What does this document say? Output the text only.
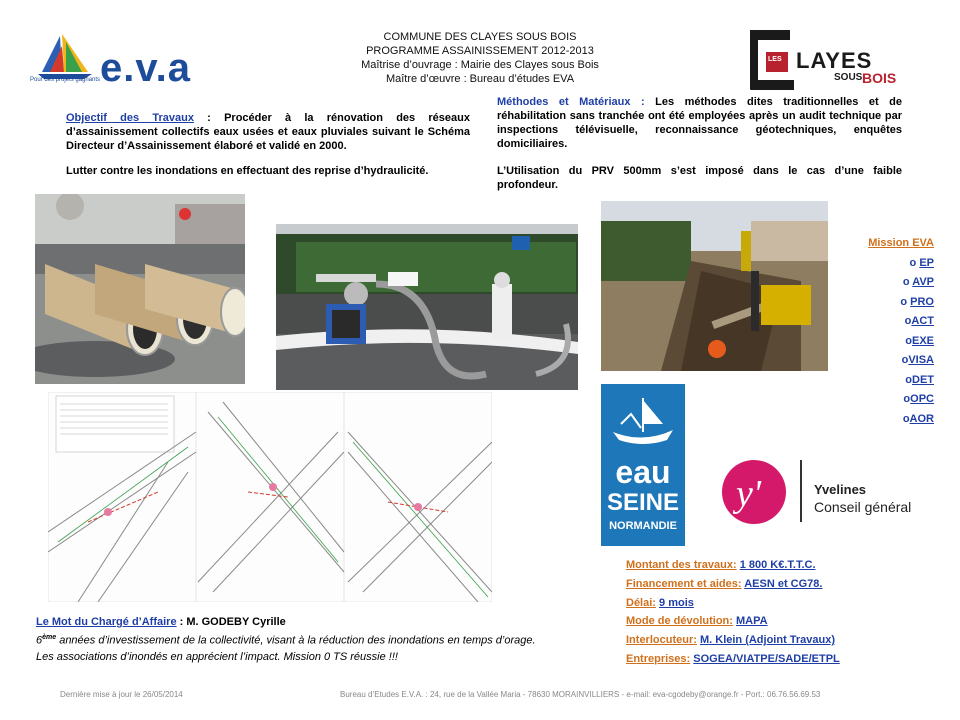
COMMUNE DES CLAYES SOUS BOIS
PROGRAMME ASSAINISSEMENT 2012-2013
Maîtrise d’ouvrage : Mairie des Clayes sous Bois
Maître d’œuvre : Bureau d’études EVA
e.v.a
Pour des projets gagnants
LES LAYES
SOUS BOIS
Objectif des Travaux : Procéder à la rénovation des réseaux d’assainissement collectifs eaux usées et eaux pluviales suivant le Schéma Directeur d’Assainissement élaboré et validé en 2000.
Lutter contre les inondations en effectuant des reprise d’hydraulicité.
Méthodes et Matériaux : Les méthodes dites traditionnelles et de réhabilitation sans tranchée ont été employées après un audit technique par inspections télévisuelle, reconnaissance géotechniques, enquêtes domiciliaires.
L’Utilisation du PRV 500mm s’est imposé dans le cas d’une faible profondeur.
Mission EVA
o EP
o AVP
o PRO
oACT
oEXE
oVISA
oDET
oOPC
oAOR
eau
SEINE
NORMANDIE
y'	Yvelines
Conseil général
Montant des travaux: 1 800 K€.T.T.C.
Financement et aides: AESN et CG78.
Délai: 9 mois
Mode de dévolution: MAPA
Interlocuteur: M. Klein (Adjoint Travaux)
Entreprises: SOGEA/VIATPE/SADE/ETPL
Le Mot du Chargé d’Affaire : M. GODEBY Cyrille
6ème années d’investissement de la collectivité, visant à la réduction des inondations en temps d’orage. Les associations d’inondés en apprécient l’impact. Mission 0 TS réussie !!!
Dernière mise à jour le 26/05/2014	Bureau d’Etudes E.V.A. : 24, rue de la Vallée Maria - 78630 MORAINVILLIERS - e-mail: eva-cgodeby@orange.fr - Port.: 06.76.56.69.53
